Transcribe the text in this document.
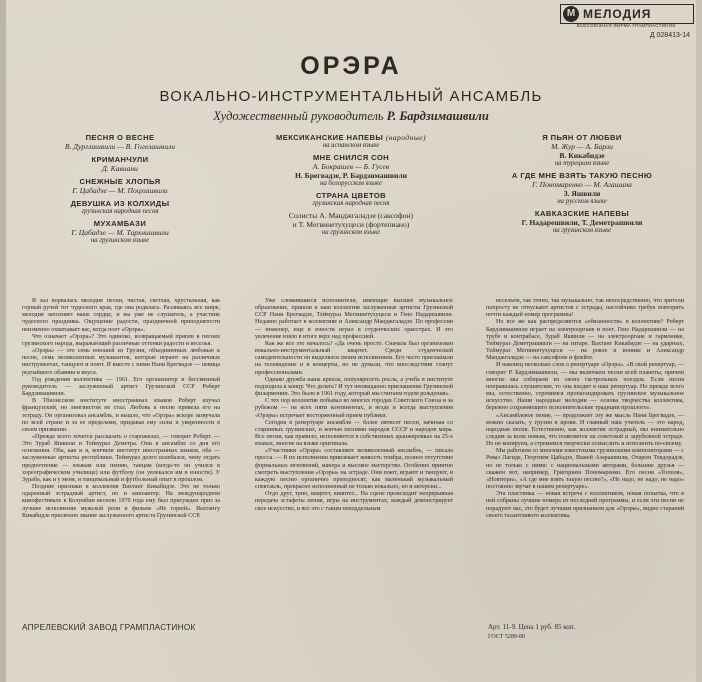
М МЕЛОДИЯ
ВСЕСОЮЗНАЯ ФИРМА ГРАМПЛАСТИНОК
Д 028413-14
ОРЭРА
ВОКАЛЬНО-ИНСТРУМЕНТАЛЬНЫЙ АНСАМБЛЬ
Художественный руководитель Р. Бардзимашвили
ПЕСНЯ О ВЕСНЕ
В. Дурглишвили — В. Гогелашвили
КРИМАНЧУЛИ
Д. Кавиани
СНЕЖНЫЕ ХЛОПЬЯ
Г. Цабадзе — М. Поцхишвили
ДЕВУШКА ИЗ КОЛХИДЫ
грузинская народная песня
МУХАМБАЗИ
Г. Цабадзе — М. Тархнишвили
на грузинском языке
МЕКСИКАНСКИЕ НАПЕВЫ (народные)
на испанском языке
МНЕ СНИЛСЯ СОН
А. Бокрашев — Б. Гусев
Н. Брегвадзе, Р. Бардзимашвили
на белорусском языке
СТРАНА ЦВЕТОВ
грузинская народная песня
Солисты А. Манджгаладзе (саксофон)
и Т. Мегвинетухуцеси (фортепиано)
на грузинском языке
Я ПЬЯН ОТ ЛЮБВИ
М. Жур — А. Барли
В. Кикабидзе
на турецком языке
А ГДЕ МНЕ ВЗЯТЬ ТАКУЮ ПЕСНЮ
Г. Пономаренко — М. Агашина
З. Яшвили
на русском языке
КАВКАЗСКИЕ НАПЕВЫ
Г. Надарешвили, Т. Деметрашвили
на грузинском языке

В зал ворвалась мелодия песни, чистая, светлая, хрустальная, как горный ручей тот чудесного края, где она родилась. Разливаясь все шире, мелодия заполняет ваше сердце, и вы уже не слушатель, а участник чудесного праздника. Ощущение радости, праздничной приподнятости неизменно охватывает вас, когда поет «Орэра».

Что означает «Орэра»? Это одиноко, возвращаемый припев в песнях грузинского народа, выражающий различные оттенки радости и веселья.

«Орэра» — это семь юношей из Грузии, объединенных любовью к песне, семь великолепных музыкантов, которые играют на различных инструментах, танцуют и поют. И вместе с ними Нани Брегвадзе — певица редчайшего обаяния и вкуса.

Год рождения коллектива — 1961. Его организатор и бессменный руководитель — заслуженный артист Грузинской ССР Роберт Бардзимашвили.

В Тбилисском институте иностранных языков Роберт изучал французский, но лингвистом не стал. Любовь к песне привела его на эстраду. Он организовал ансамбль, и вышло, что «Орэра» вскоре зазвучала по всей стране и за ее пределами, придавая ему силы и уверенности в своем призвании.

«Прежде всего хочется рассказать о старожилах, — говорит Роберт. — Это Зураб Яшвили и Теймураз Деметра. Они в ансамбле со дня его основания. Оба, как и я, кончили институт иностранных языков, оба — заслуженные артисты республики. Теймураз долго колебался, чему отдать предпочтение — языкам или пению, танцам (когда-то он учился в хореографическом училище) или футболу (он увлекался им в юности). У Зураба, как и у меня, и танцевальный и футбольный опыт в прошлом.

Поздние признаки в коллектив Вахтанг Кикабидзе. Это не только одаренный эстрадный артист, но и киноактер. На международном кинофестивале в Колумбии весною 1970 года ему был присужден приз за лучшее исполнение мужской роли в фильме «Не горюй». Вахтангу Кикабидзе присвоено звание заслуженного артиста Грузинской ССР.

Уже сложившиеся исполнители, имеющие высшее музыкальное образование, пришли в наш коллектив заслуженные артисты Грузинской ССР Нани Брегвадзе, Теймураз Мегвинетухуцеси и Гено Надарешвили. Недавно работает в коллективе и Александр Манджгаладзе. По профессии — инженер, еще в юности играл в студенческих оркестрах. И это увлечение взяло в итоге верх над профессией.

Как же все это началось? «Да очень просто. Сначала был организован вокально-инструментальный квартет. Среди студенческой самодеятельности он выделялся своим исполнением. Его часто приглашали на телевидение и в концерты, но не думали, что впоследствии станут профессионалами.

Однако дружба наша крепла, популярность росла, а учеба в институте подходила к концу. Что делать? И тут неожиданно приглашение Грузинской филармонии. Это было в 1961 году, который мы считаем годом рождения».

С тех пор коллектив побывал во многих городах Советского Союза и за рубежом — на всех пяти континентах, и везде и всегда выступления «Орэры» встречает восторженный прием публики.

Сегодня в репертуаре ансамбля — более пятисот песен, начиная со старинных грузинских, и кончая песнями народов СССР и народов мира. Все песни, как правило, исполняются в собственных аранжировках на 25-х языках, многие на языке оригинала.

«Участники «Орэра» составляют великолепный ансамбль, — писала пресса. — В их исполнении привлекает живость тембра, полное отсутствие формальных мгновений, манера и высокое мастерство. Особенно приятно смотреть выступления «Орэры» на эстраде. Они поют, играют и танцуют, и каждую песню органично преподносят, как маленький музыкальный спектакль, прекрасно исполненный не только вокально, но и актерски...

Отдо друг, трио, квартет, квинтет... На сцене происходит непрерывная передача эстафеты пения, игры на инструментах; каждый демонстрирует свое искусство, и все это с таким неподдельным

весельем, так точно, так музыкально, так непосредственно, что зрители попросту не отпускают артистов с эстрады, настойчиво требуя повторить почти каждый номер программы!

Но все же как распределяются «обязанности» в коллективе? Роберт Бардзимашвили играет на электрооргане и поет. Гено Надарешвили — на трубе и контрабасе, Зураб Яшвили — на электрооргане и гармонике, Теймураз Деметрашвили — на гитаре. Вахтанг Кикабидзе — на ударных, Теймураз Мегвинетухуцеси — на рояле и ионике и Александр Манджгаладзе — на саксофоне и флейте.

И наконец несколько слов о репертуаре «Орэра». «В свой репертуар, — говорит Р. Бардзимашвили, — мы включаем песни всей планеты, причем многие мы собираем из своих гастрольных поездок. Если песня понравилась слушателям, то она входит в наш репертуар. Но прежде всего мы, естественно, стремимся пропагандировать грузинское музыкальное искусство. Наши народные мелодии — основа творчества коллектива, бережно сохраняющего исполнительские традиции прошлого».

«Ансамблевое пение, — продолжает эту же мысль Нани Брегвадзе, — можно сказать, у грузин в крови. И главный наш учитель — это народ, народная песня. Естественно, как коллектив эстрадный, мы внимательно следим за всем новым, что появляется на советской и зарубежной эстраде. Но не копируем, а стремимся творчески осмыслить и исполнить по-своему.

Мы работаем со многими известными грузинскими композиторами — с Реваз Лагиде, Георгием Цабадзе, Важей Азарашвили, Отаром Тевдорадзе, но не только с ними: с национальными авторами, большие друзья — скажем вот, например, Григорием Пономаренко. Его песня «Тополя», «Ноктюрн», «А где мне взять такую песню?», «Не надо, не надо, не надо» постоянно звучат в нашем репертуаре».

Эта пластинка — новая встреча с коллективом, новая попытка, что в ней собраны лучшие номера из последней программы, и если эти песни не порадуют вас, это будет лучшим признанием для «Орэры», видно стараний своего талантливого коллектива.

АПРЕЛЕВСКИЙ ЗАВОД ГРАМПЛАСТИНОК	Арт. 11-9. Цена 1 руб. 85 коп.
ГОСТ 5289-80
